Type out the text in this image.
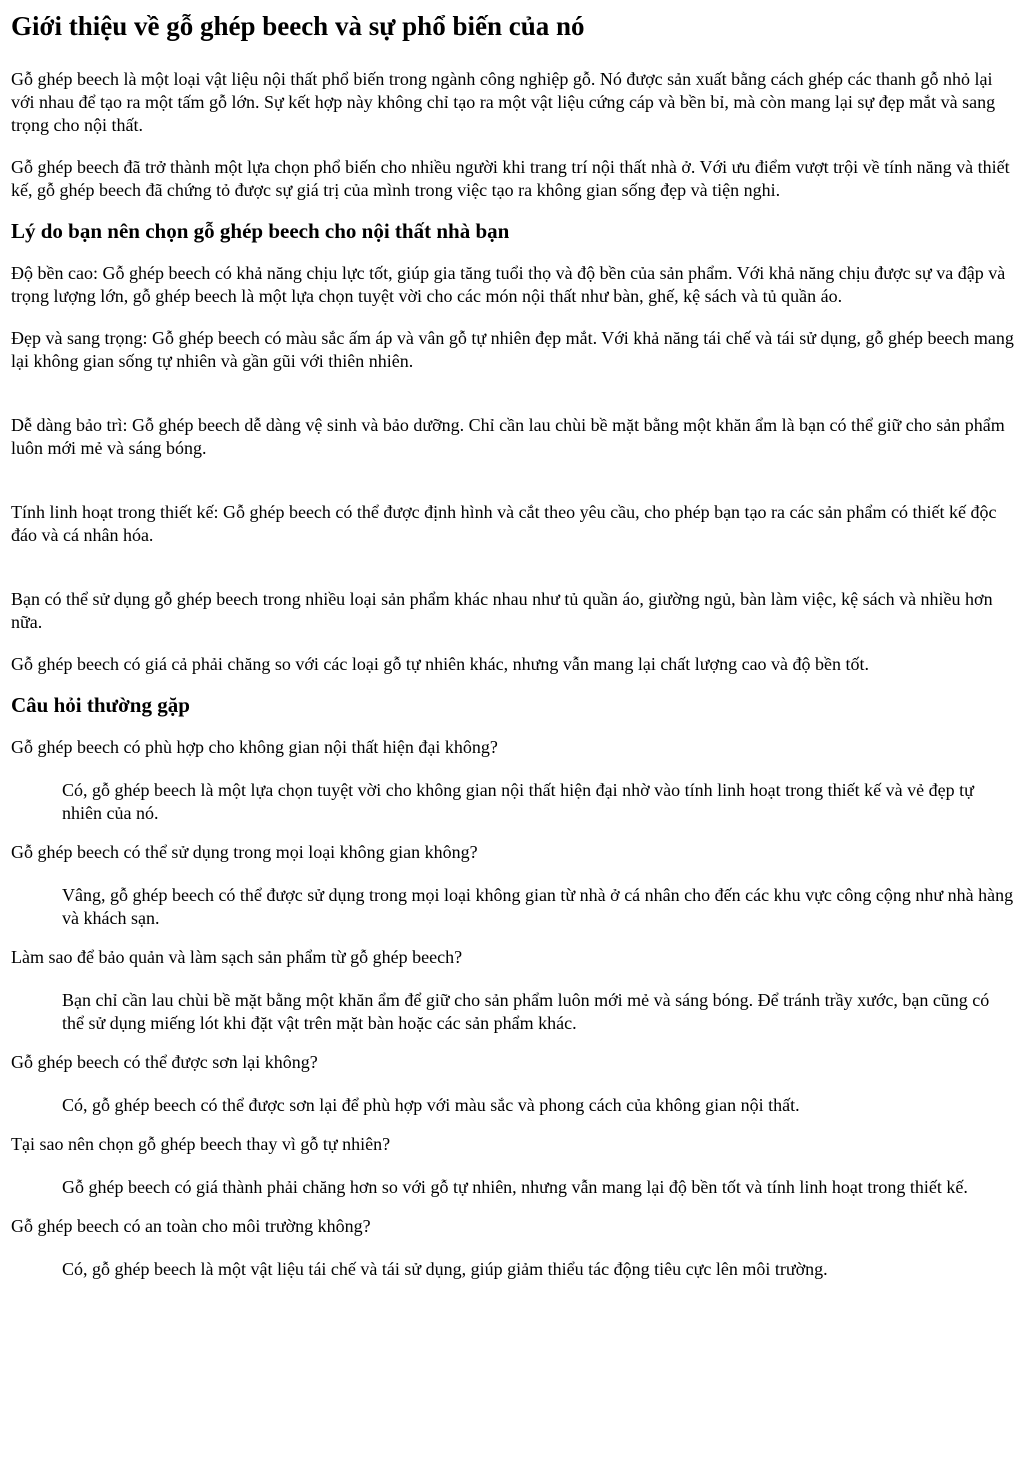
Giới thiệu về gỗ ghép beech và sự phổ biến của nó

Gỗ ghép beech là một loại vật liệu nội thất phổ biến trong ngành công nghiệp gỗ. Nó được sản xuất bằng cách ghép các thanh gỗ nhỏ lại với nhau để tạo ra một tấm gỗ lớn. Sự kết hợp này không chỉ tạo ra một vật liệu cứng cáp và bền bỉ, mà còn mang lại sự đẹp mắt và sang trọng cho nội thất.

Gỗ ghép beech đã trở thành một lựa chọn phổ biến cho nhiều người khi trang trí nội thất nhà ở. Với ưu điểm vượt trội về tính năng và thiết kế, gỗ ghép beech đã chứng tỏ được sự giá trị của mình trong việc tạo ra không gian sống đẹp và tiện nghi.

Lý do bạn nên chọn gỗ ghép beech cho nội thất nhà bạn

Độ bền cao: Gỗ ghép beech có khả năng chịu lực tốt, giúp gia tăng tuổi thọ và độ bền của sản phẩm. Với khả năng chịu được sự va đập và trọng lượng lớn, gỗ ghép beech là một lựa chọn tuyệt vời cho các món nội thất như bàn, ghế, kệ sách và tủ quần áo.

Đẹp và sang trọng: Gỗ ghép beech có màu sắc ấm áp và vân gỗ tự nhiên đẹp mắt. Với khả năng tái chế và tái sử dụng, gỗ ghép beech mang lại không gian sống tự nhiên và gần gũi với thiên nhiên.

Dễ dàng bảo trì: Gỗ ghép beech dễ dàng vệ sinh và bảo dưỡng. Chỉ cần lau chùi bề mặt bằng một khăn ẩm là bạn có thể giữ cho sản phẩm luôn mới mẻ và sáng bóng.

Tính linh hoạt trong thiết kế: Gỗ ghép beech có thể được định hình và cắt theo yêu cầu, cho phép bạn tạo ra các sản phẩm có thiết kế độc đáo và cá nhân hóa.

Bạn có thể sử dụng gỗ ghép beech trong nhiều loại sản phẩm khác nhau như tủ quần áo, giường ngủ, bàn làm việc, kệ sách và nhiều hơn nữa.

Gỗ ghép beech có giá cả phải chăng so với các loại gỗ tự nhiên khác, nhưng vẫn mang lại chất lượng cao và độ bền tốt.

Câu hỏi thường gặp

Gỗ ghép beech có phù hợp cho không gian nội thất hiện đại không?

Có, gỗ ghép beech là một lựa chọn tuyệt vời cho không gian nội thất hiện đại nhờ vào tính linh hoạt trong thiết kế và vẻ đẹp tự nhiên của nó.

Gỗ ghép beech có thể sử dụng trong mọi loại không gian không?

Vâng, gỗ ghép beech có thể được sử dụng trong mọi loại không gian từ nhà ở cá nhân cho đến các khu vực công cộng như nhà hàng và khách sạn.

Làm sao để bảo quản và làm sạch sản phẩm từ gỗ ghép beech?

Bạn chỉ cần lau chùi bề mặt bằng một khăn ẩm để giữ cho sản phẩm luôn mới mẻ và sáng bóng. Để tránh trầy xước, bạn cũng có thể sử dụng miếng lót khi đặt vật trên mặt bàn hoặc các sản phẩm khác.

Gỗ ghép beech có thể được sơn lại không?

Có, gỗ ghép beech có thể được sơn lại để phù hợp với màu sắc và phong cách của không gian nội thất.

Tại sao nên chọn gỗ ghép beech thay vì gỗ tự nhiên?

Gỗ ghép beech có giá thành phải chăng hơn so với gỗ tự nhiên, nhưng vẫn mang lại độ bền tốt và tính linh hoạt trong thiết kế.

Gỗ ghép beech có an toàn cho môi trường không?

Có, gỗ ghép beech là một vật liệu tái chế và tái sử dụng, giúp giảm thiểu tác động tiêu cực lên môi trường.
